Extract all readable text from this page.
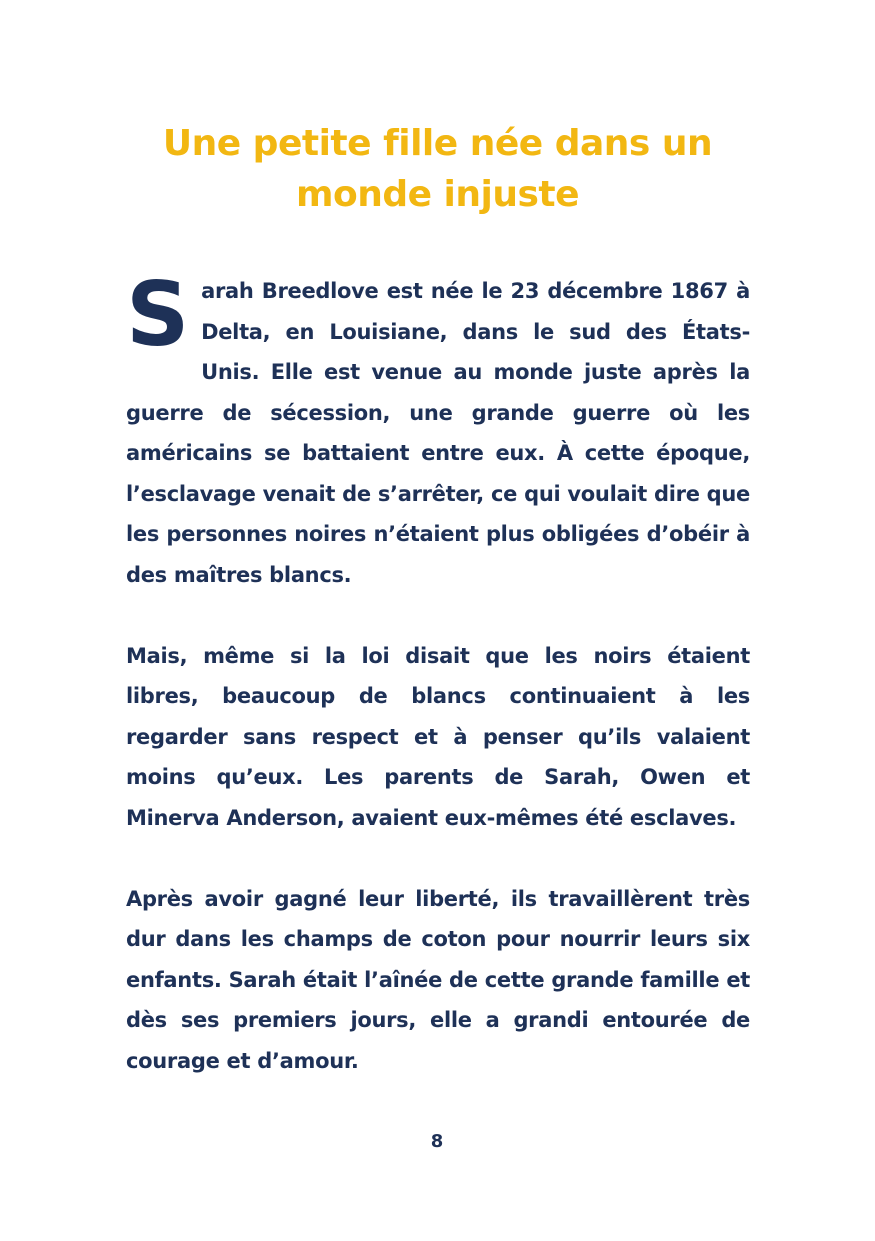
Une petite fille née dans un
monde injuste

Sarah Breedlove est née le 23 décembre 1867 à Delta, en Louisiane, dans le sud des États-Unis. Elle est venue au monde juste après la guerre de sécession, une grande guerre où les américains se battaient entre eux. À cette époque, l’esclavage venait de s’arrêter, ce qui voulait dire que les personnes noires n’étaient plus obligées d’obéir à des maîtres blancs.

Mais, même si la loi disait que les noirs étaient libres, beaucoup de blancs continuaient à les regarder sans respect et à penser qu’ils valaient moins qu’eux. Les parents de Sarah, Owen et Minerva Anderson, avaient eux-mêmes été esclaves.

Après avoir gagné leur liberté, ils travaillèrent très dur dans les champs de coton pour nourrir leurs six enfants. Sarah était l’aînée de cette grande famille et dès ses premiers jours, elle a grandi entourée de courage et d’amour.

8
